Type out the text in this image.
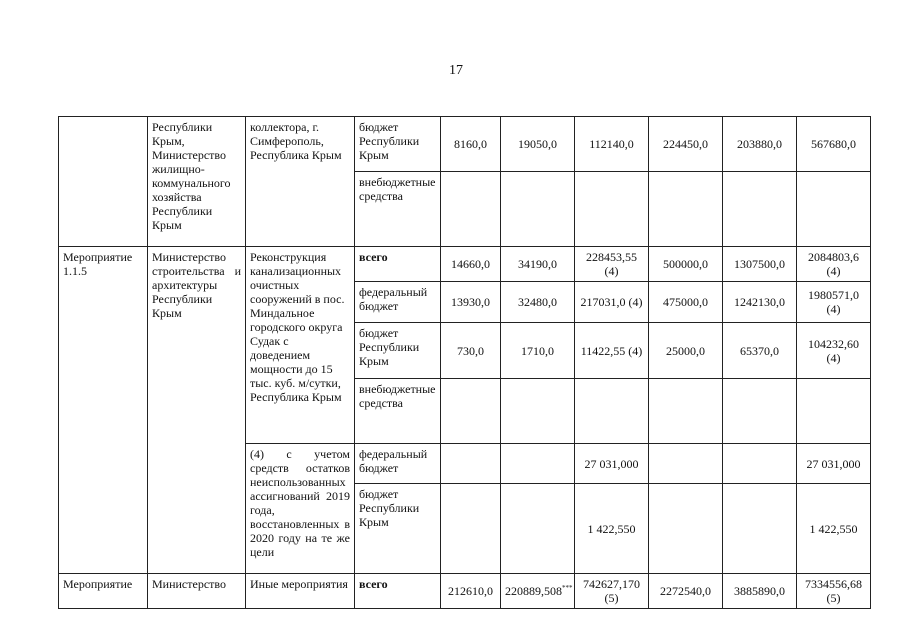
17
	Республики Крым, Министерство жилищно-коммунального хозяйства Республики Крым	коллектора, г. Симферополь, Республика Крым	бюджет Республики Крым	8160,0	19050,0	112140,0	224450,0	203880,0	567680,0
			внебюджетные средства						
Мероприятие 1.1.5	Министерство строительства и архитектуры Республики Крым	Реконструкция канализационных очистных сооружений в пос. Миндальное городского округа Судак с доведением мощности до 15 тыс. куб. м/сутки, Республика Крым	всего	14660,0	34190,0	228453,55 (4)	500000,0	1307500,0	2084803,6 (4)
			федеральный бюджет	13930,0	32480,0	217031,0 (4)	475000,0	1242130,0	1980571,0 (4)
			бюджет Республики Крым	730,0	1710,0	11422,55 (4)	25000,0	65370,0	104232,60 (4)
			внебюджетные средства						
		(4) с учетом средств остатков неиспользованных ассигнований 2019 года, восстановленных в 2020 году на те же цели	федеральный бюджет			27 031,000			27 031,000
			бюджет Республики Крым			1 422,550			1 422,550
Мероприятие	Министерство	Иные мероприятия	всего	212610,0	220889,508***	742627,170 (5)	2272540,0	3885890,0	7334556,68 (5)
